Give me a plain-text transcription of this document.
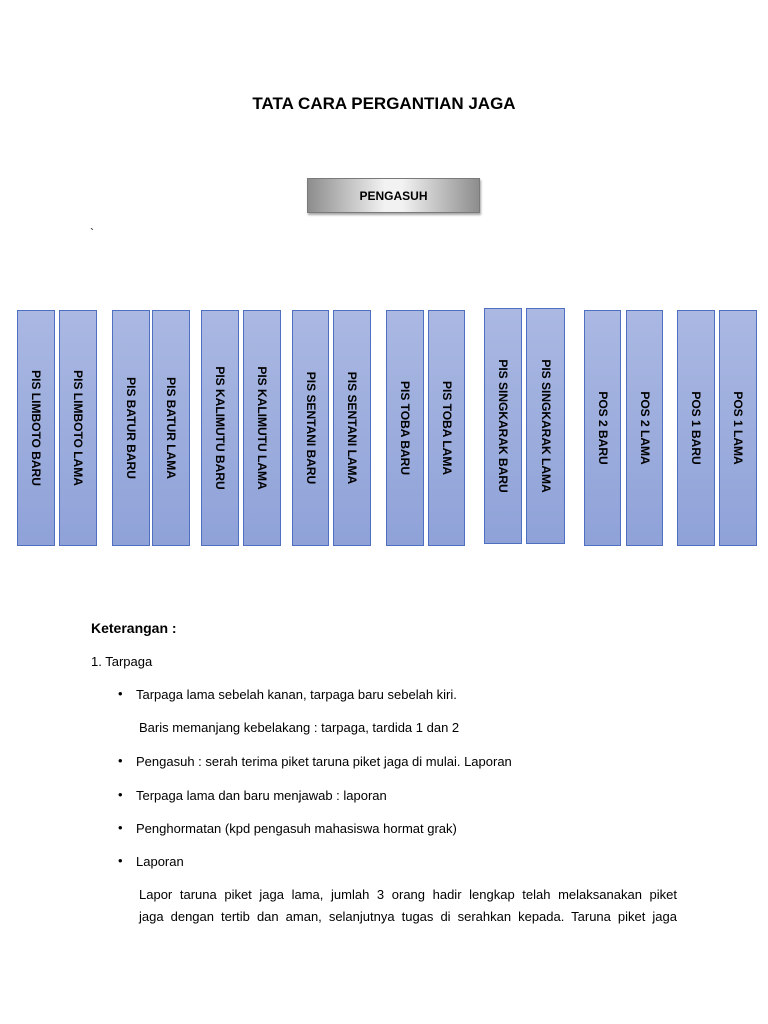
TATA CARA PERGANTIAN JAGA
PENGASUH
`
PIS LIMBOTO BARU PIS LIMBOTO LAMA	PIS BATUR BARU PIS BATUR LAMA	PIS KALIMUTU BARU PIS KALIMUTU LAMA	PIS SENTANI BARU PIS SENTANI LAMA	PIS TOBA BARU PIS TOBA LAMA	PIS SINGKARAK BARU PIS SINGKARAK LAMA	POS 2 BARU POS 2 LAMA	POS 1 BARU POS 1 LAMA
Keterangan :
1. Tarpaga
• Tarpaga lama sebelah kanan, tarpaga baru sebelah kiri.
Baris memanjang kebelakang : tarpaga, tardida 1 dan 2
• Pengasuh : serah terima piket taruna piket jaga di mulai. Laporan
• Terpaga lama dan baru menjawab : laporan
• Penghormatan (kpd pengasuh mahasiswa hormat grak)
• Laporan
Lapor taruna piket jaga lama, jumlah 3 orang hadir lengkap telah melaksanakan piket
jaga dengan tertib dan aman, selanjutnya tugas di serahkan kepada. Taruna piket jaga
